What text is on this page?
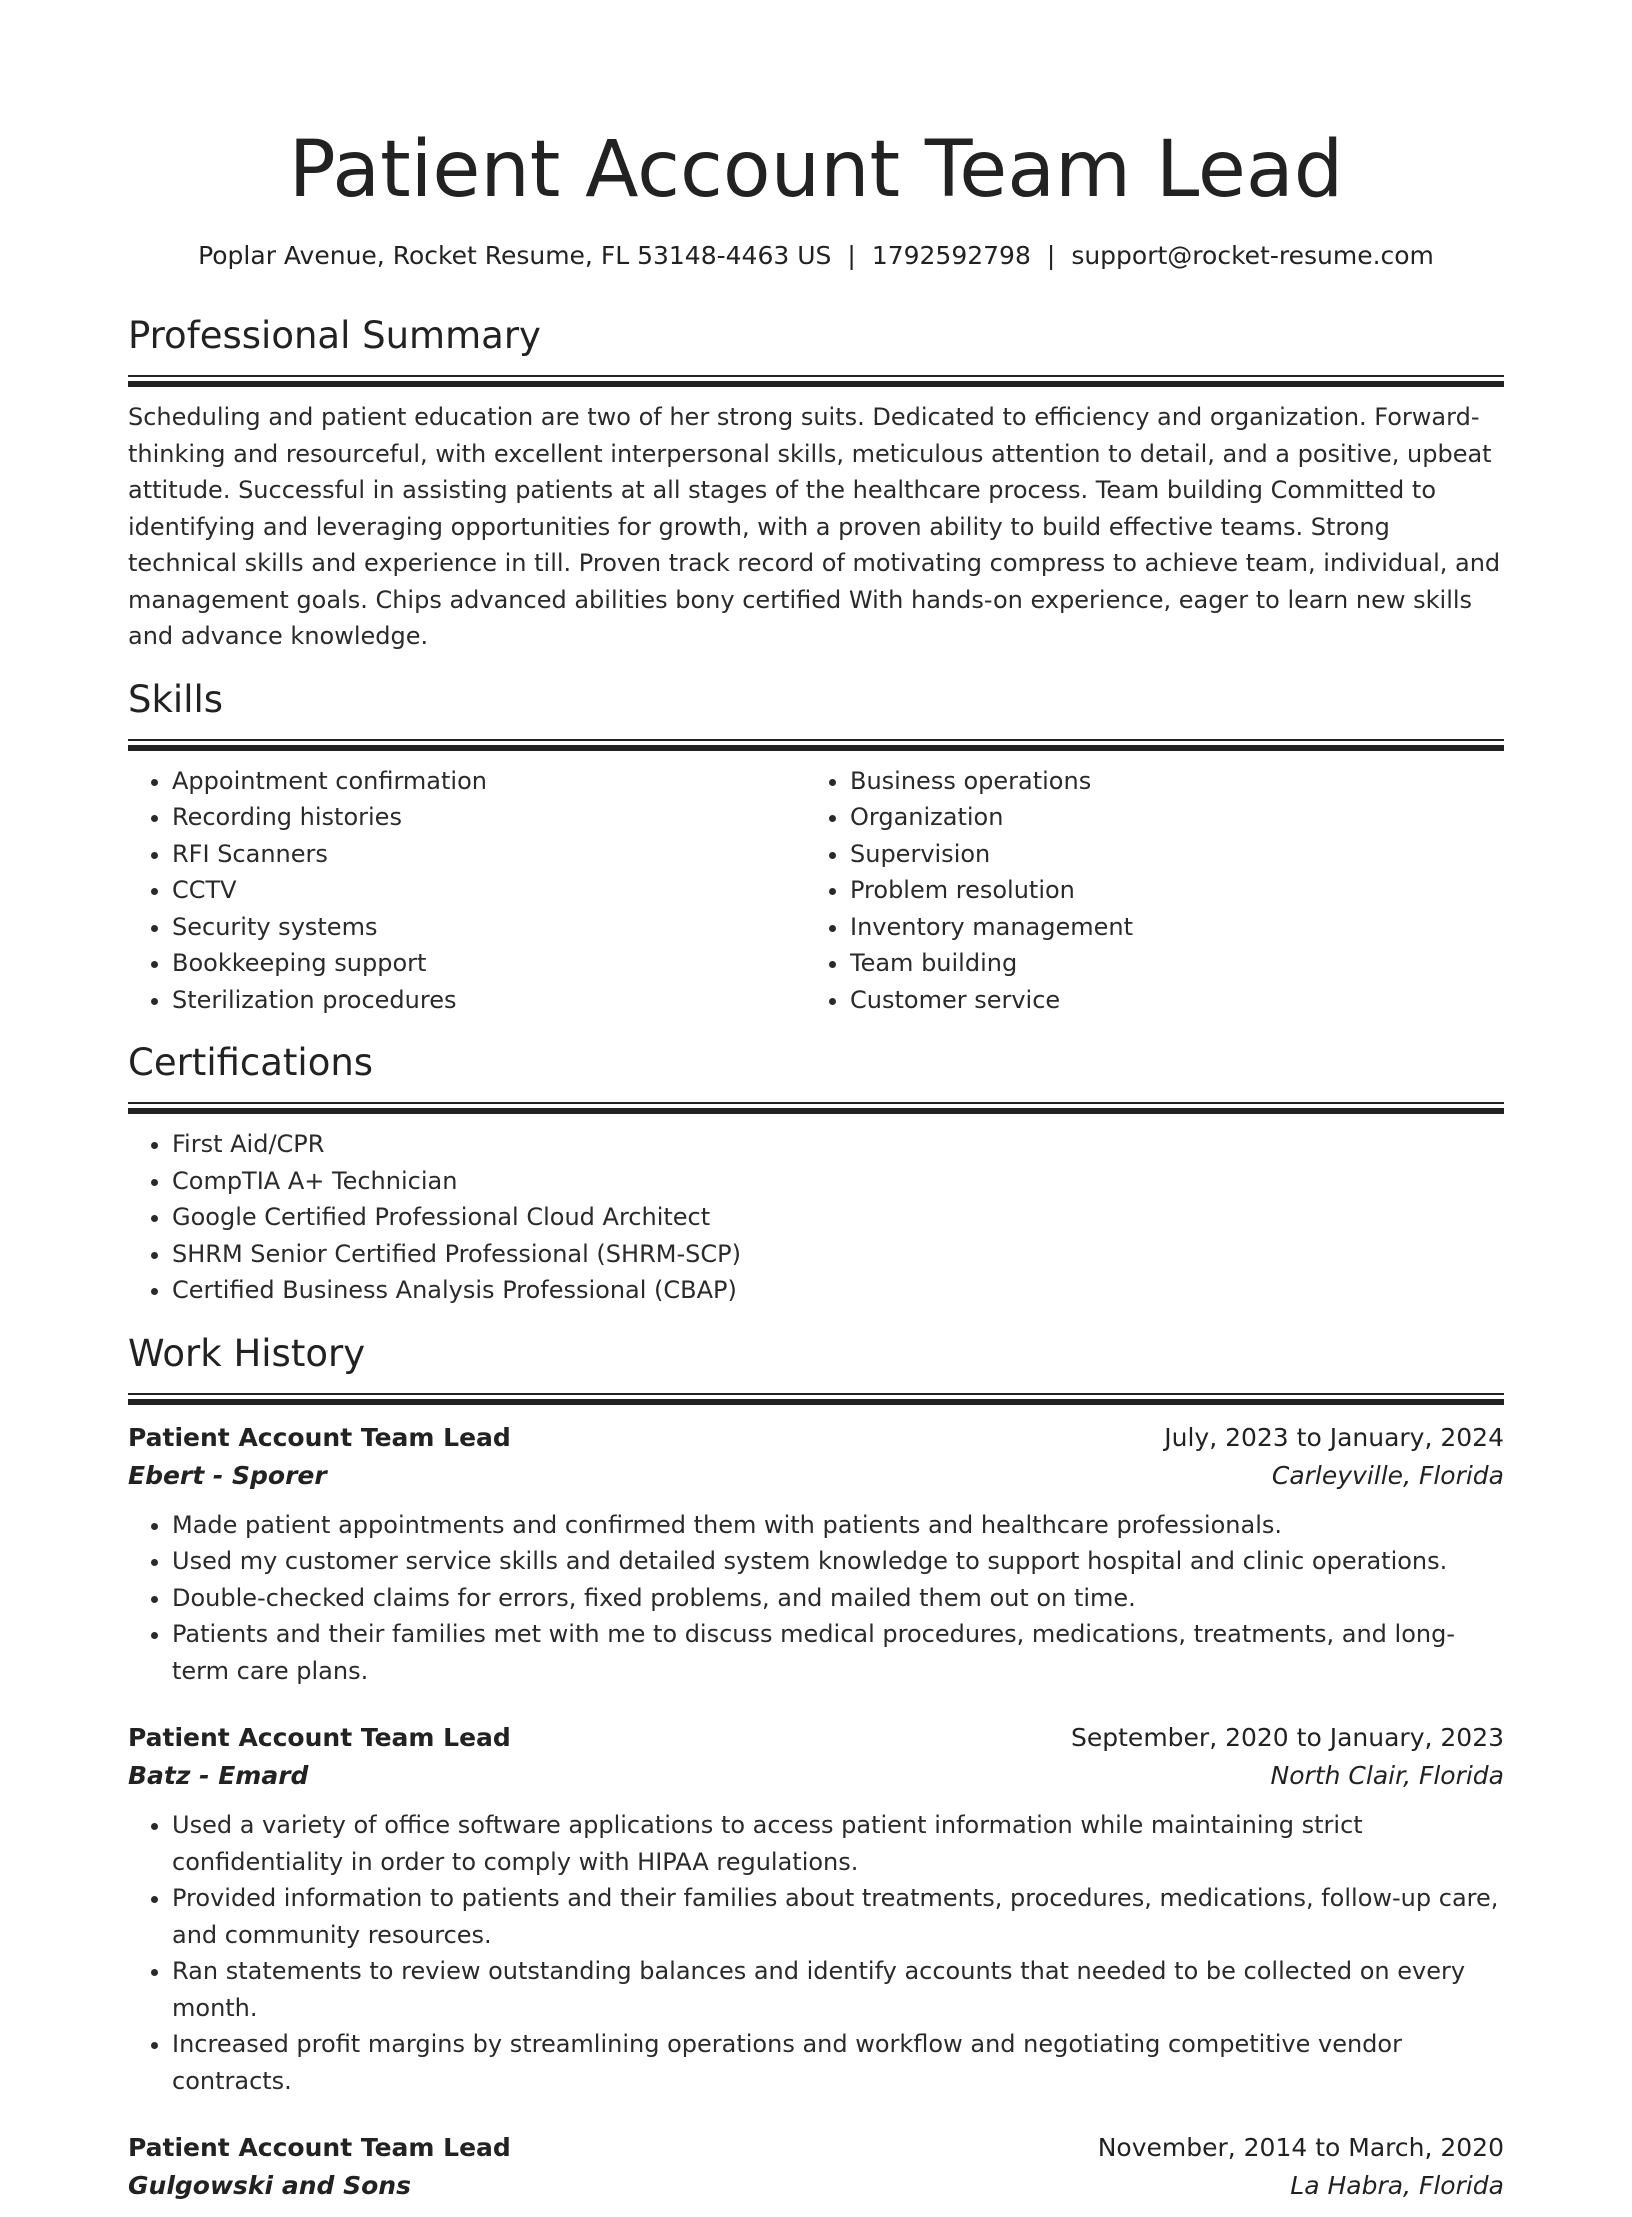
Patient Account Team Lead
Poplar Avenue, Rocket Resume, FL 53148-4463 US | 1792592798 | support@rocket-resume.com
Professional Summary
Scheduling and patient education are two of her strong suits. Dedicated to efficiency and organization. Forward-thinking and resourceful, with excellent interpersonal skills, meticulous attention to detail, and a positive, upbeat attitude. Successful in assisting patients at all stages of the healthcare process. Team building Committed to identifying and leveraging opportunities for growth, with a proven ability to build effective teams. Strong technical skills and experience in till. Proven track record of motivating compress to achieve team, individual, and management goals. Chips advanced abilities bony certified With hands-on experience, eager to learn new skills and advance knowledge.
Skills
• Appointment confirmation
• Recording histories
• RFI Scanners
• CCTV
• Security systems
• Bookkeeping support
• Sterilization procedures
• Business operations
• Organization
• Supervision
• Problem resolution
• Inventory management
• Team building
• Customer service
Certifications
• First Aid/CPR
• CompTIA A+ Technician
• Google Certified Professional Cloud Architect
• SHRM Senior Certified Professional (SHRM-SCP)
• Certified Business Analysis Professional (CBAP)
Work History
Patient Account Team Lead	July, 2023 to January, 2024
Ebert - Sporer	Carleyville, Florida
• Made patient appointments and confirmed them with patients and healthcare professionals.
• Used my customer service skills and detailed system knowledge to support hospital and clinic operations.
• Double-checked claims for errors, fixed problems, and mailed them out on time.
• Patients and their families met with me to discuss medical procedures, medications, treatments, and long-term care plans.
Patient Account Team Lead	September, 2020 to January, 2023
Batz - Emard	North Clair, Florida
• Used a variety of office software applications to access patient information while maintaining strict confidentiality in order to comply with HIPAA regulations.
• Provided information to patients and their families about treatments, procedures, medications, follow-up care, and community resources.
• Ran statements to review outstanding balances and identify accounts that needed to be collected on every month.
• Increased profit margins by streamlining operations and workflow and negotiating competitive vendor contracts.
Patient Account Team Lead	November, 2014 to March, 2020
Gulgowski and Sons	La Habra, Florida
